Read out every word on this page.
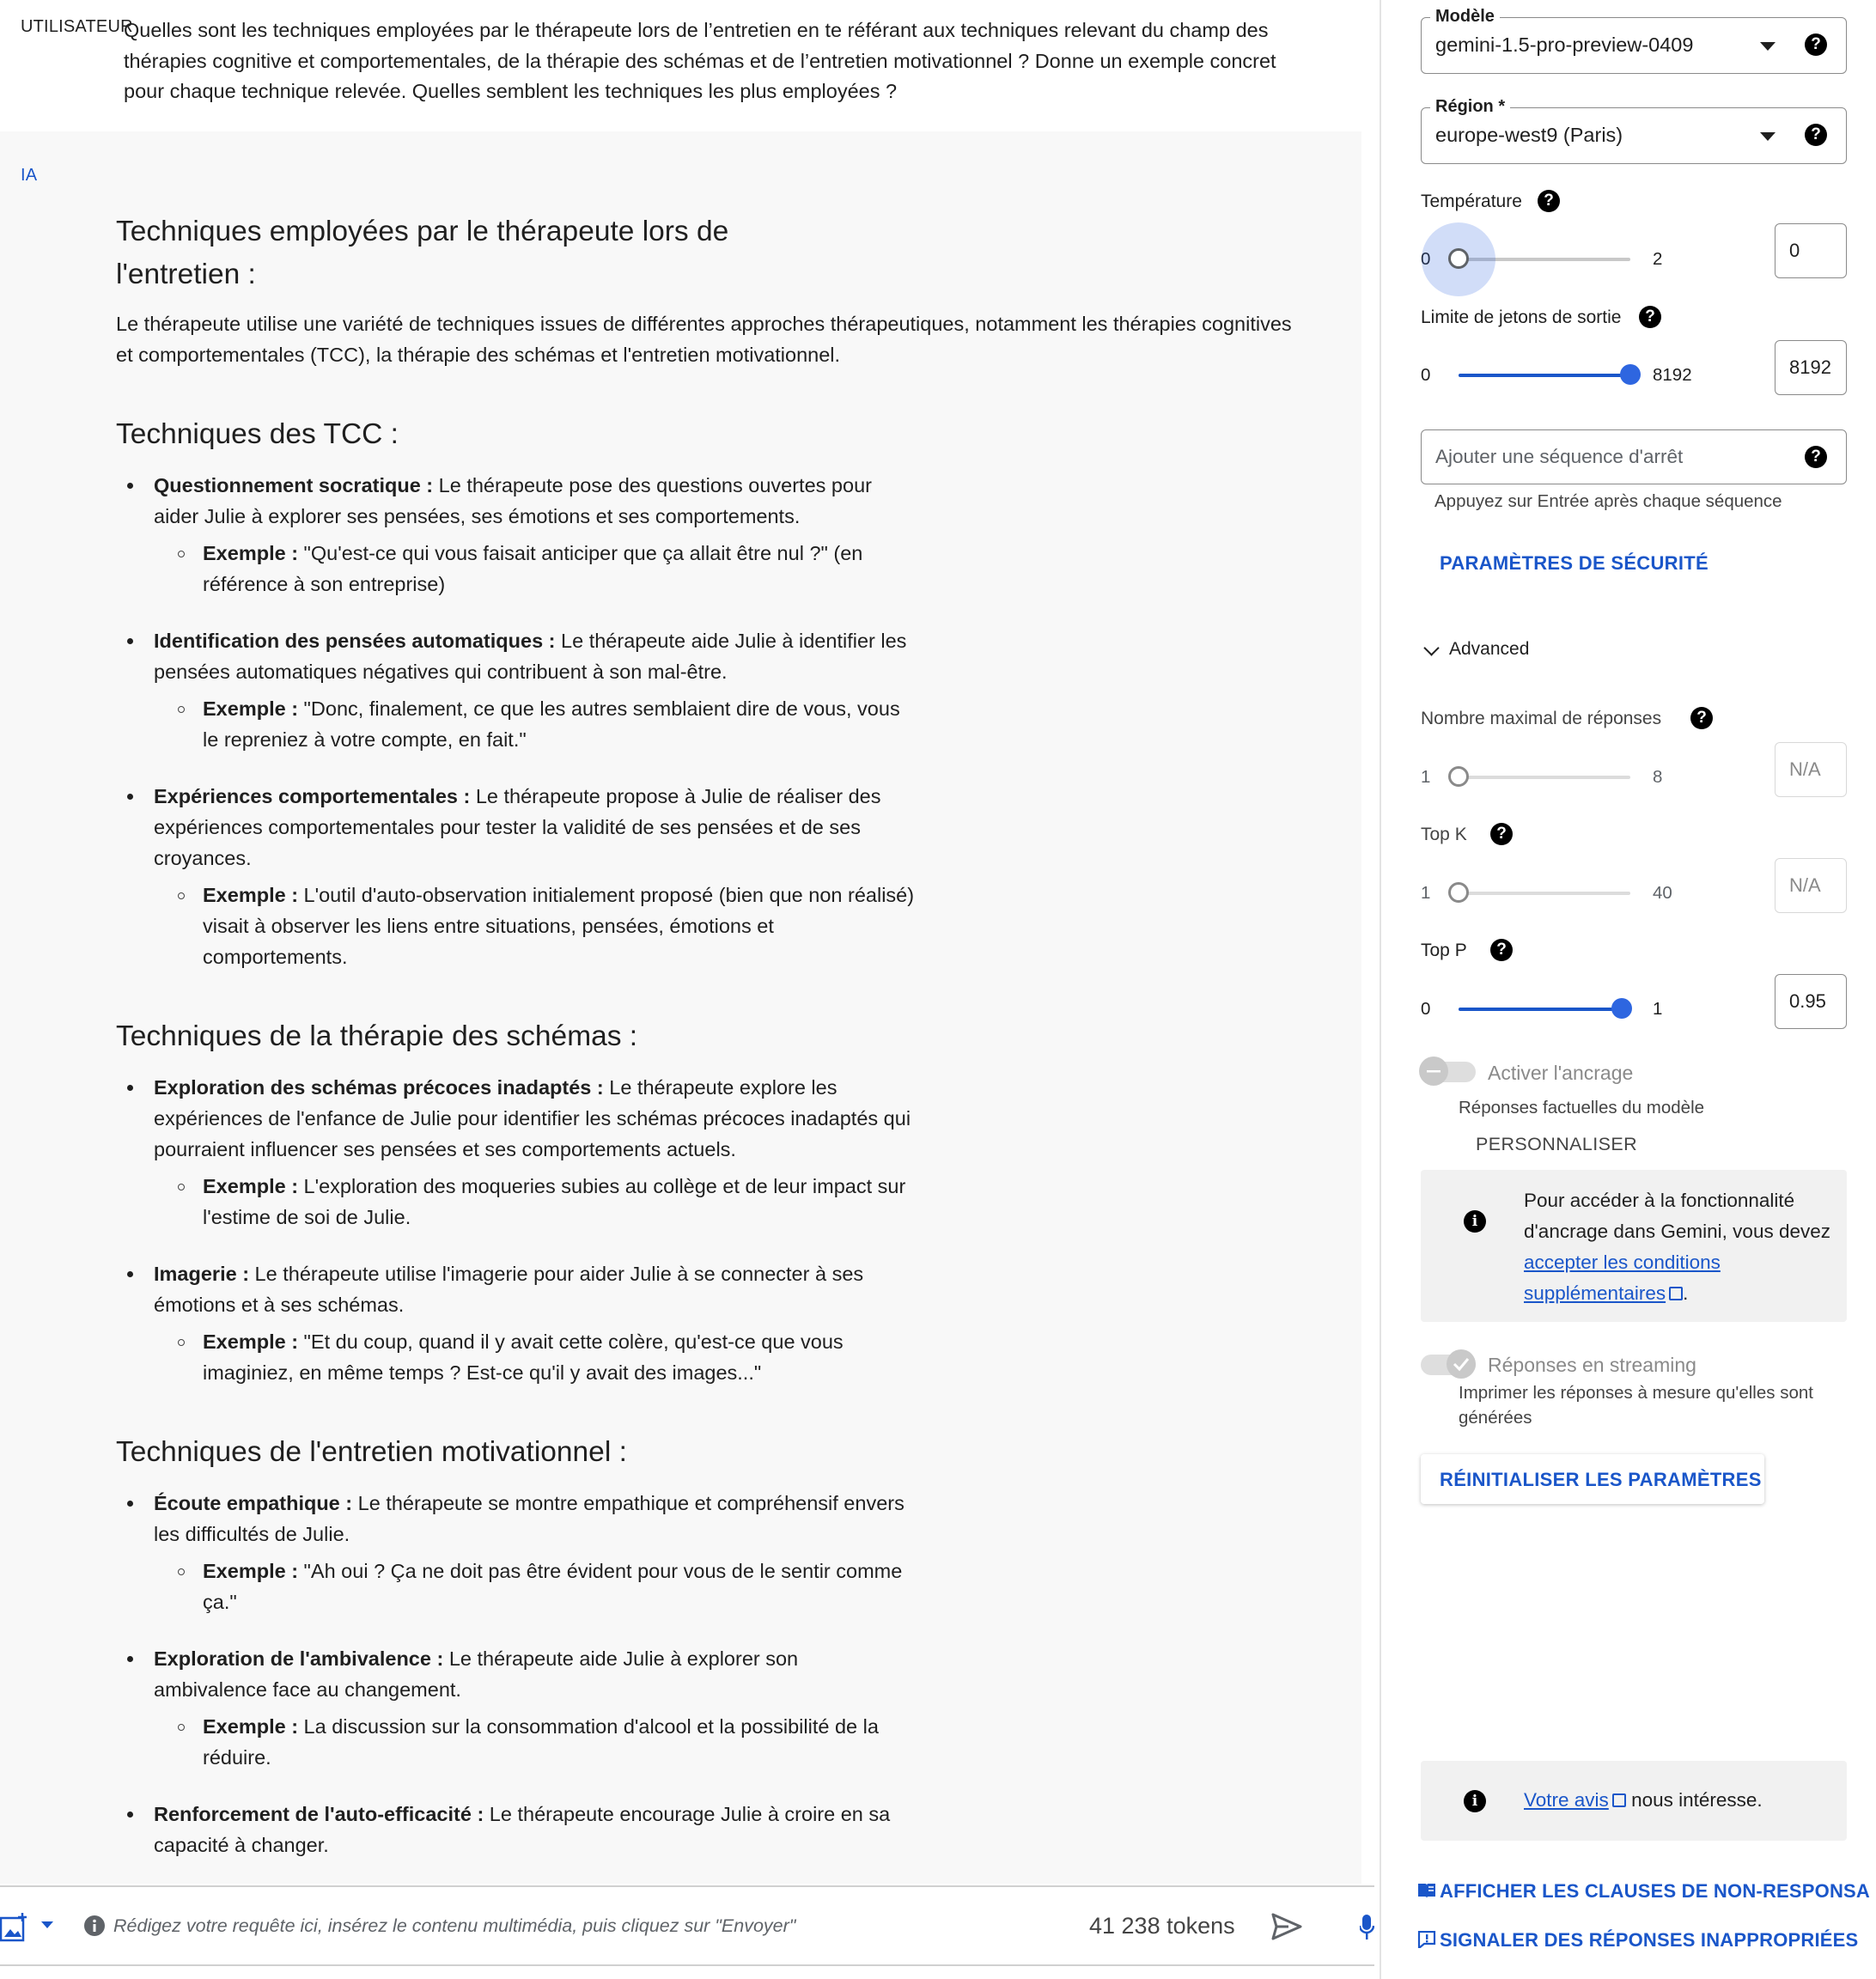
UTILISATEUR

Quelles sont les techniques employées par le thérapeute lors de l’entretien en te référant aux techniques relevant du champ des thérapies cognitive et comportementales, de la thérapie des schémas et de l’entretien motivationnel ? Donne un exemple concret pour chaque technique relevée. Quelles semblent les techniques les plus employées ?

IA
Techniques employées par le thérapeute lors de l'entretien :

Le thérapeute utilise une variété de techniques issues de différentes approches thérapeutiques, notamment les thérapies cognitives et comportementales (TCC), la thérapie des schémas et l'entretien motivationnel.

Techniques des TCC :
Questionnement socratique : Le thérapeute pose des questions ouvertes pour aider Julie à explorer ses pensées, ses émotions et ses comportements.
Exemple : "Qu'est-ce qui vous faisait anticiper que ça allait être nul ?" (en référence à son entreprise)
Identification des pensées automatiques : Le thérapeute aide Julie à identifier les pensées automatiques négatives qui contribuent à son mal-être.
Exemple : "Donc, finalement, ce que les autres semblaient dire de vous, vous le repreniez à votre compte, en fait."
Expériences comportementales : Le thérapeute propose à Julie de réaliser des expériences comportementales pour tester la validité de ses pensées et de ses croyances.
Exemple : L'outil d'auto-observation initialement proposé (bien que non réalisé) visait à observer les liens entre situations, pensées, émotions et comportements.
Techniques de la thérapie des schémas :
Exploration des schémas précoces inadaptés : Le thérapeute explore les expériences de l'enfance de Julie pour identifier les schémas précoces inadaptés qui pourraient influencer ses pensées et ses comportements actuels.
Exemple : L'exploration des moqueries subies au collège et de leur impact sur l'estime de soi de Julie.
Imagerie : Le thérapeute utilise l'imagerie pour aider Julie à se connecter à ses émotions et à ses schémas.
Exemple : "Et du coup, quand il y avait cette colère, qu'est-ce que vous imaginiez, en même temps ? Est-ce qu'il y avait des images..."
Techniques de l'entretien motivationnel :
Écoute empathique : Le thérapeute se montre empathique et compréhensif envers les difficultés de Julie.
Exemple : "Ah oui ? Ça ne doit pas être évident pour vous de le sentir comme ça."
Exploration de l'ambivalence : Le thérapeute aide Julie à explorer son ambivalence face au changement.
Exemple : La discussion sur la consommation d'alcool et la possibilité de la réduire.
Renforcement de l'auto-efficacité : Le thérapeute encourage Julie à croire en sa capacité à changer.
Rédigez votre requête ici, insérez le contenu multimédia, puis cliquez sur "Envoyer"	41 238 tokens
Modèle
gemini-1.5-pro-preview-0409	?
Région *
europe-west9 (Paris)	?
Température	?
0	2	0
Limite de jetons de sortie	?
0	8192	8192
Ajouter une séquence d'arrêt	?
Appuyez sur Entrée après chaque séquence
PARAMÈTRES DE SÉCURITÉ
Advanced
Nombre maximal de réponses	?
1	8	N/A
Top K	?
1	40	N/A
Top P	?
0	1	0.95
Activer l'ancrage
Réponses factuelles du modèle
PERSONNALISER
i

Pour accéder à la fonctionnalité d'ancrage dans Gemini, vous devez accepter les conditions supplémentaires .

Réponses en streaming
Imprimer les réponses à mesure qu'elles sont générées
RÉINITIALISER LES PARAMÈTRES
i	Votre avis nous intéresse.

AFFICHER LES CLAUSES DE NON-RESPONSA
SIGNALER DES RÉPONSES INAPPROPRIÉES
